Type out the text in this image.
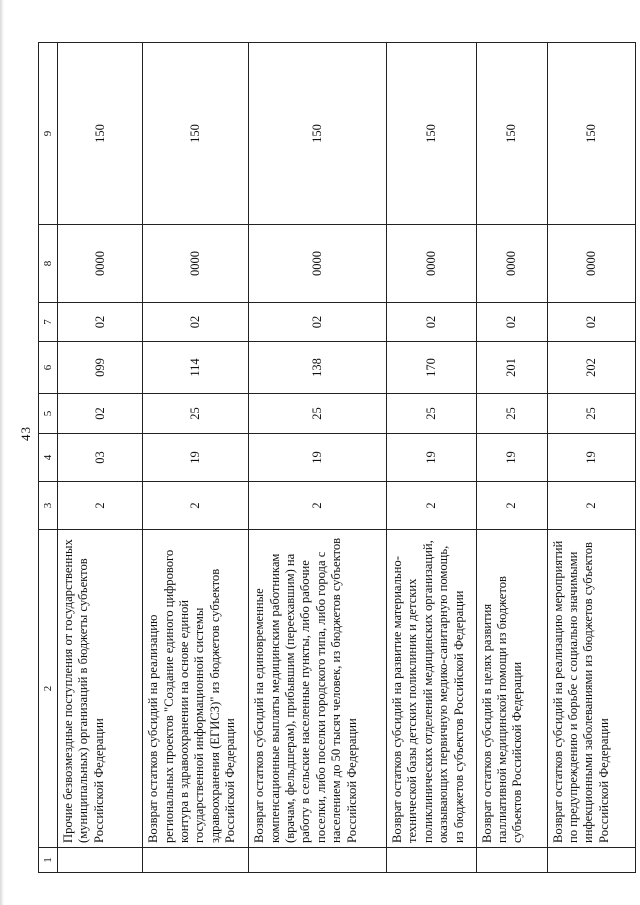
43
1	2	3	4	5	6	7	8	9
	Прочие безвозмездные поступления от государственных (муниципальных) организаций в бюджеты субъектов Российской Федерации	2	03	02	099	02	0000	150
	Возврат остатков субсидий на реализацию региональных проектов "Создание единого цифрового контура в здравоохранении на основе единой государственной информационной системы здравоохранения (ЕГИСЗ)" из бюджетов субъектов Российской Федерации	2	19	25	114	02	0000	150
	Возврат остатков субсидий на единовременные компенсационные выплаты медицинским работникам (врачам, фельдшерам), прибывшим (переехавшим) на работу в сельские населенные пункты, либо рабочие поселки, либо поселки городского типа, либо города с населением до 50 тысяч человек, из бюджетов субъектов Российской Федерации	2	19	25	138	02	0000	150
	Возврат остатков субсидий на развитие материально-технической базы детских поликлиник и детских поликлинических отделений медицинских организаций, оказывающих первичную медико-санитарную помощь, из бюджетов субъектов Российской Федерации	2	19	25	170	02	0000	150
	Возврат остатков субсидий в целях развития паллиативной медицинской помощи из бюджетов субъектов Российской Федерации	2	19	25	201	02	0000	150
	Возврат остатков субсидий на реализацию мероприятий по предупреждению и борьбе с социально значимыми инфекционными заболеваниями из бюджетов субъектов Российской Федерации	2	19	25	202	02	0000	150
